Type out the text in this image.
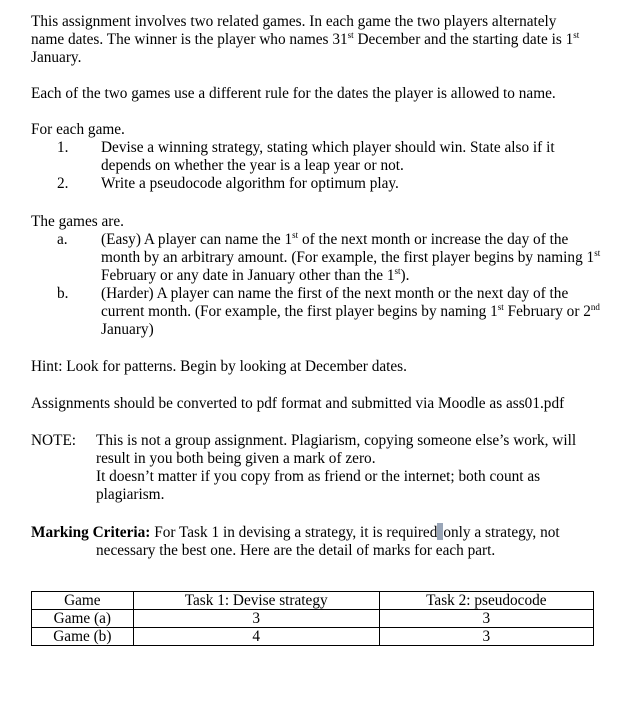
This assignment involves two related games. In each game the two players alternately name dates. The winner is the player who names 31st December and the starting date is 1st January.

Each of the two games use a different rule for the dates the player is allowed to name.

For each game.

1.	Devise a winning strategy, stating which player should win. State also if it depends on whether the year is a leap year or not.
2.	Write a pseudocode algorithm for optimum play.

The games are.

a.	(Easy) A player can name the 1st of the next month or increase the day of the month by an arbitrary amount. (For example, the first player begins by naming 1st February or any date in January other than the 1st).
b.	(Harder) A player can name the first of the next month or the next day of the current month. (For example, the first player begins by naming 1st February or 2nd January)

Hint: Look for patterns. Begin by looking at December dates.

Assignments should be converted to pdf format and submitted via Moodle as ass01.pdf

NOTE:	This is not a group assignment. Plagiarism, copying someone else’s work, will result in you both being given a mark of zero.

It doesn’t matter if you copy from as friend or the internet; both count as plagiarism.

Marking Criteria: For Task 1 in devising a strategy, it is required only a strategy, not

necessary the best one. Here are the detail of marks for each part.

Game	Task 1: Devise strategy	Task 2: pseudocode
Game (a)	3	3
Game (b)	4	3
